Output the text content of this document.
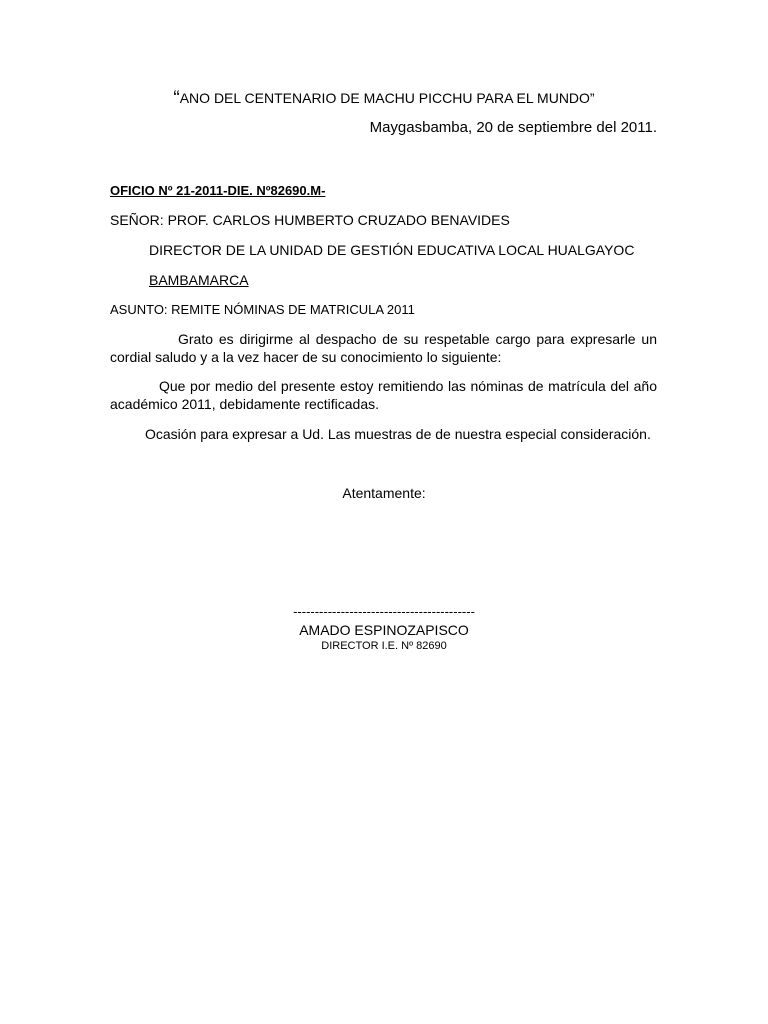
“ANO DEL CENTENARIO DE MACHU PICCHU PARA EL MUNDO”
Maygasbamba, 20 de septiembre del 2011.
OFICIO Nº 21-2011-DIE. Nº82690.M-
SEÑOR: PROF. CARLOS HUMBERTO CRUZADO BENAVIDES
DIRECTOR DE LA UNIDAD DE GESTIÓN EDUCATIVA LOCAL HUALGAYOC
BAMBAMARCA
ASUNTO: REMITE NÓMINAS DE MATRICULA 2011
Grato es dirigirme al despacho de su respetable cargo para expresarle un cordial saludo y a la vez hacer de su conocimiento lo siguiente:
Que por medio del presente estoy remitiendo las nóminas de matrícula del año académico 2011, debidamente rectificadas.
Ocasión para expresar a Ud. Las muestras de de nuestra especial consideración.
Atentamente:
------------------------------------------
AMADO ESPINOZAPISCO
DIRECTOR I.E. Nº 82690
